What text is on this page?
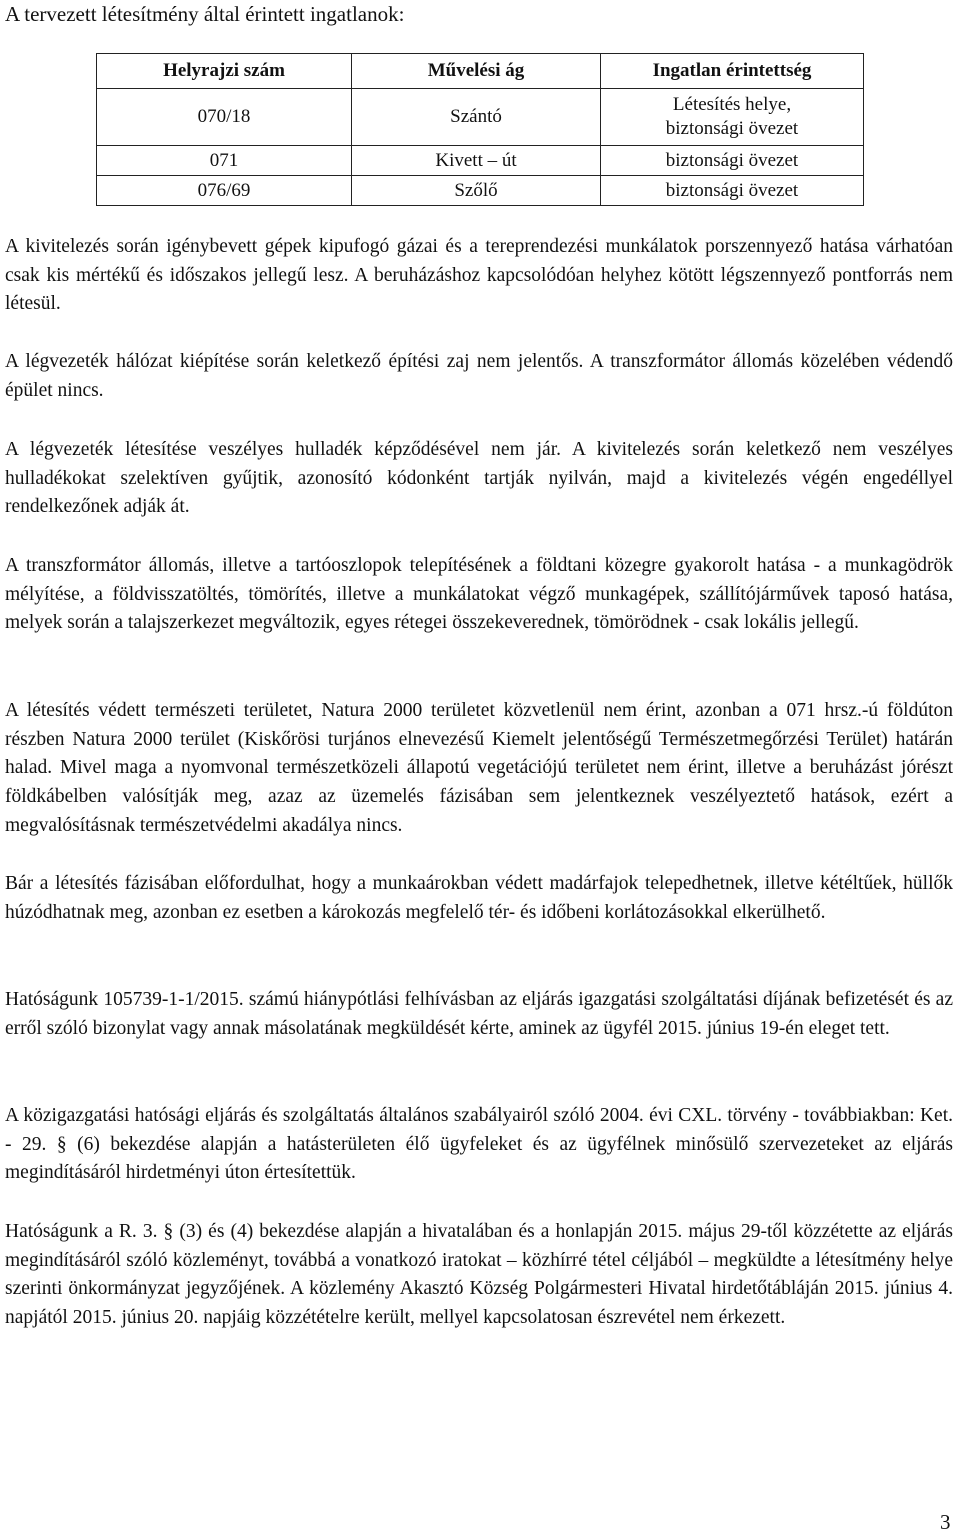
A tervezett létesítmény által érintett ingatlanok:
Helyrajzi szám	Művelési ág	Ingatlan érintettség
070/18	Szántó	Létesítés helye,
biztonsági övezet
071	Kivett – út	biztonsági övezet
076/69	Szőlő	biztonsági övezet

A kivitelezés során igénybevett gépek kipufogó gázai és a tereprendezési munkálatok porszennyező hatása várhatóan csak kis mértékű és időszakos jellegű lesz. A beruházáshoz kapcsolódóan helyhez kötött légszennyező pontforrás nem létesül.

A légvezeték hálózat kiépítése során keletkező építési zaj nem jelentős. A transzformátor állomás közelében védendő épület nincs.

A légvezeték létesítése veszélyes hulladék képződésével nem jár. A kivitelezés során keletkező nem veszélyes hulladékokat szelektíven gyűjtik, azonosító kódonként tartják nyilván, majd a kivitelezés végén engedéllyel rendelkezőnek adják át.

A transzformátor állomás, illetve a tartóoszlopok telepítésének a földtani közegre gyakorolt hatása - a munkagödrök mélyítése, a földvisszatöltés, tömörítés, illetve a munkálatokat végző munkagépek, szállítójárművek taposó hatása, melyek során a talajszerkezet megváltozik, egyes rétegei összekeverednek, tömörödnek - csak lokális jellegű.

A létesítés védett természeti területet, Natura 2000 területet közvetlenül nem érint, azonban a 071 hrsz.-ú földúton részben Natura 2000 terület (Kiskőrösi turjános elnevezésű Kiemelt jelentőségű Természetmegőrzési Terület) határán halad. Mivel maga a nyomvonal természetközeli állapotú vegetációjú területet nem érint, illetve a beruházást jórészt földkábelben valósítják meg, azaz az üzemelés fázisában sem jelentkeznek veszélyeztető hatások, ezért a megvalósításnak természetvédelmi akadálya nincs.

Bár a létesítés fázisában előfordulhat, hogy a munkaárokban védett madárfajok telepedhetnek, illetve kétéltűek, hüllők húzódhatnak meg, azonban ez esetben a károkozás megfelelő tér- és időbeni korlátozásokkal elkerülhető.

Hatóságunk 105739-1-1/2015. számú hiánypótlási felhívásban az eljárás igazgatási szolgáltatási díjának befizetését és az erről szóló bizonylat vagy annak másolatának megküldését kérte, aminek az ügyfél 2015. június 19-én eleget tett.

A közigazgatási hatósági eljárás és szolgáltatás általános szabályairól szóló 2004. évi CXL. törvény - továbbiakban: Ket. - 29. § (6) bekezdése alapján a hatásterületen élő ügyfeleket és az ügyfélnek minősülő szervezeteket az eljárás megindításáról hirdetményi úton értesítettük.

Hatóságunk a R. 3. § (3) és (4) bekezdése alapján a hivatalában és a honlapján 2015. május 29-től közzétette az eljárás megindításáról szóló közleményt, továbbá a vonatkozó iratokat – közhírré tétel céljából – megküldte a létesítmény helye szerinti önkormányzat jegyzőjének. A közlemény Akasztó Község Polgármesteri Hivatal hirdetőtábláján 2015. június 4. napjától 2015. június 20. napjáig közzétételre került, mellyel kapcsolatosan észrevétel nem érkezett.

3
